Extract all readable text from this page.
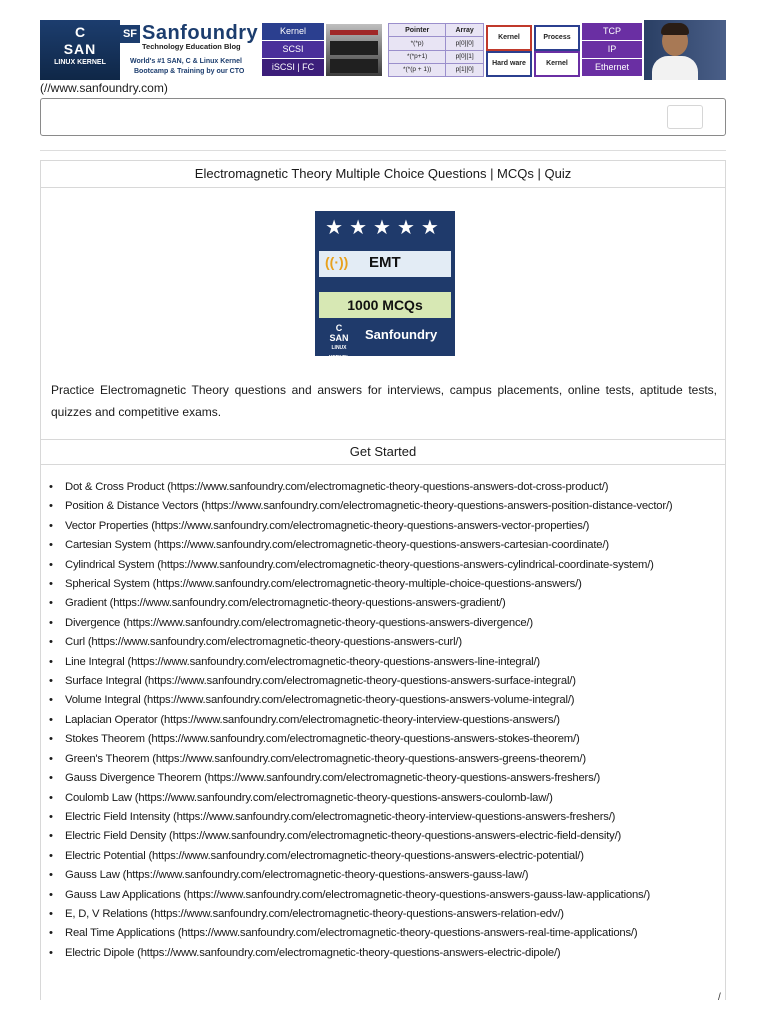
C
SAN
LINUX KERNEL
SF Sanfoundry
Technology Education Blog
World's #1 SAN, C & Linux Kernel
Bootcamp & Training by our CTO
Kernel
SCSI
iSCSI | FC
Pointer	Array
*(*p)	p[0][0]
*(*p+1)	p[0][1]
*(*(p + 1))	p[1][0]
Kernel	Process
Hard ware	Kernel
TCP
IP
Ethernet
(//www.sanfoundry.com)
Electromagnetic Theory Multiple Choice Questions | MCQs | Quiz
★★★★★
((·)) EMT
1000 MCQs
C
SAN
LINUX KERNEL
Sanfoundry
Practice Electromagnetic Theory questions and answers for interviews, campus placements, online tests, aptitude tests, quizzes and competitive exams.
Get Started
• Dot & Cross Product (https://www.sanfoundry.com/electromagnetic-theory-questions-answers-dot-cross-product/)
• Position & Distance Vectors (https://www.sanfoundry.com/electromagnetic-theory-questions-answers-position-distance-vector/)
• Vector Properties (https://www.sanfoundry.com/electromagnetic-theory-questions-answers-vector-properties/)
• Cartesian System (https://www.sanfoundry.com/electromagnetic-theory-questions-answers-cartesian-coordinate/)
• Cylindrical System (https://www.sanfoundry.com/electromagnetic-theory-questions-answers-cylindrical-coordinate-system/)
• Spherical System (https://www.sanfoundry.com/electromagnetic-theory-multiple-choice-questions-answers/)
• Gradient (https://www.sanfoundry.com/electromagnetic-theory-questions-answers-gradient/)
• Divergence (https://www.sanfoundry.com/electromagnetic-theory-questions-answers-divergence/)
• Curl (https://www.sanfoundry.com/electromagnetic-theory-questions-answers-curl/)
• Line Integral (https://www.sanfoundry.com/electromagnetic-theory-questions-answers-line-integral/)
• Surface Integral (https://www.sanfoundry.com/electromagnetic-theory-questions-answers-surface-integral/)
• Volume Integral (https://www.sanfoundry.com/electromagnetic-theory-questions-answers-volume-integral/)
• Laplacian Operator (https://www.sanfoundry.com/electromagnetic-theory-interview-questions-answers/)
• Stokes Theorem (https://www.sanfoundry.com/electromagnetic-theory-questions-answers-stokes-theorem/)
• Green's Theorem (https://www.sanfoundry.com/electromagnetic-theory-questions-answers-greens-theorem/)
• Gauss Divergence Theorem (https://www.sanfoundry.com/electromagnetic-theory-questions-answers-freshers/)
• Coulomb Law (https://www.sanfoundry.com/electromagnetic-theory-questions-answers-coulomb-law/)
• Electric Field Intensity (https://www.sanfoundry.com/electromagnetic-theory-interview-questions-answers-freshers/)
• Electric Field Density (https://www.sanfoundry.com/electromagnetic-theory-questions-answers-electric-field-density/)
• Electric Potential (https://www.sanfoundry.com/electromagnetic-theory-questions-answers-electric-potential/)
• Gauss Law (https://www.sanfoundry.com/electromagnetic-theory-questions-answers-gauss-law/)
• Gauss Law Applications (https://www.sanfoundry.com/electromagnetic-theory-questions-answers-gauss-law-applications/)
• E, D, V Relations (https://www.sanfoundry.com/electromagnetic-theory-questions-answers-relation-edv/)
• Real Time Applications (https://www.sanfoundry.com/electromagnetic-theory-questions-answers-real-time-applications/)
• Electric Dipole (https://www.sanfoundry.com/electromagnetic-theory-questions-answers-electric-dipole/)
/
